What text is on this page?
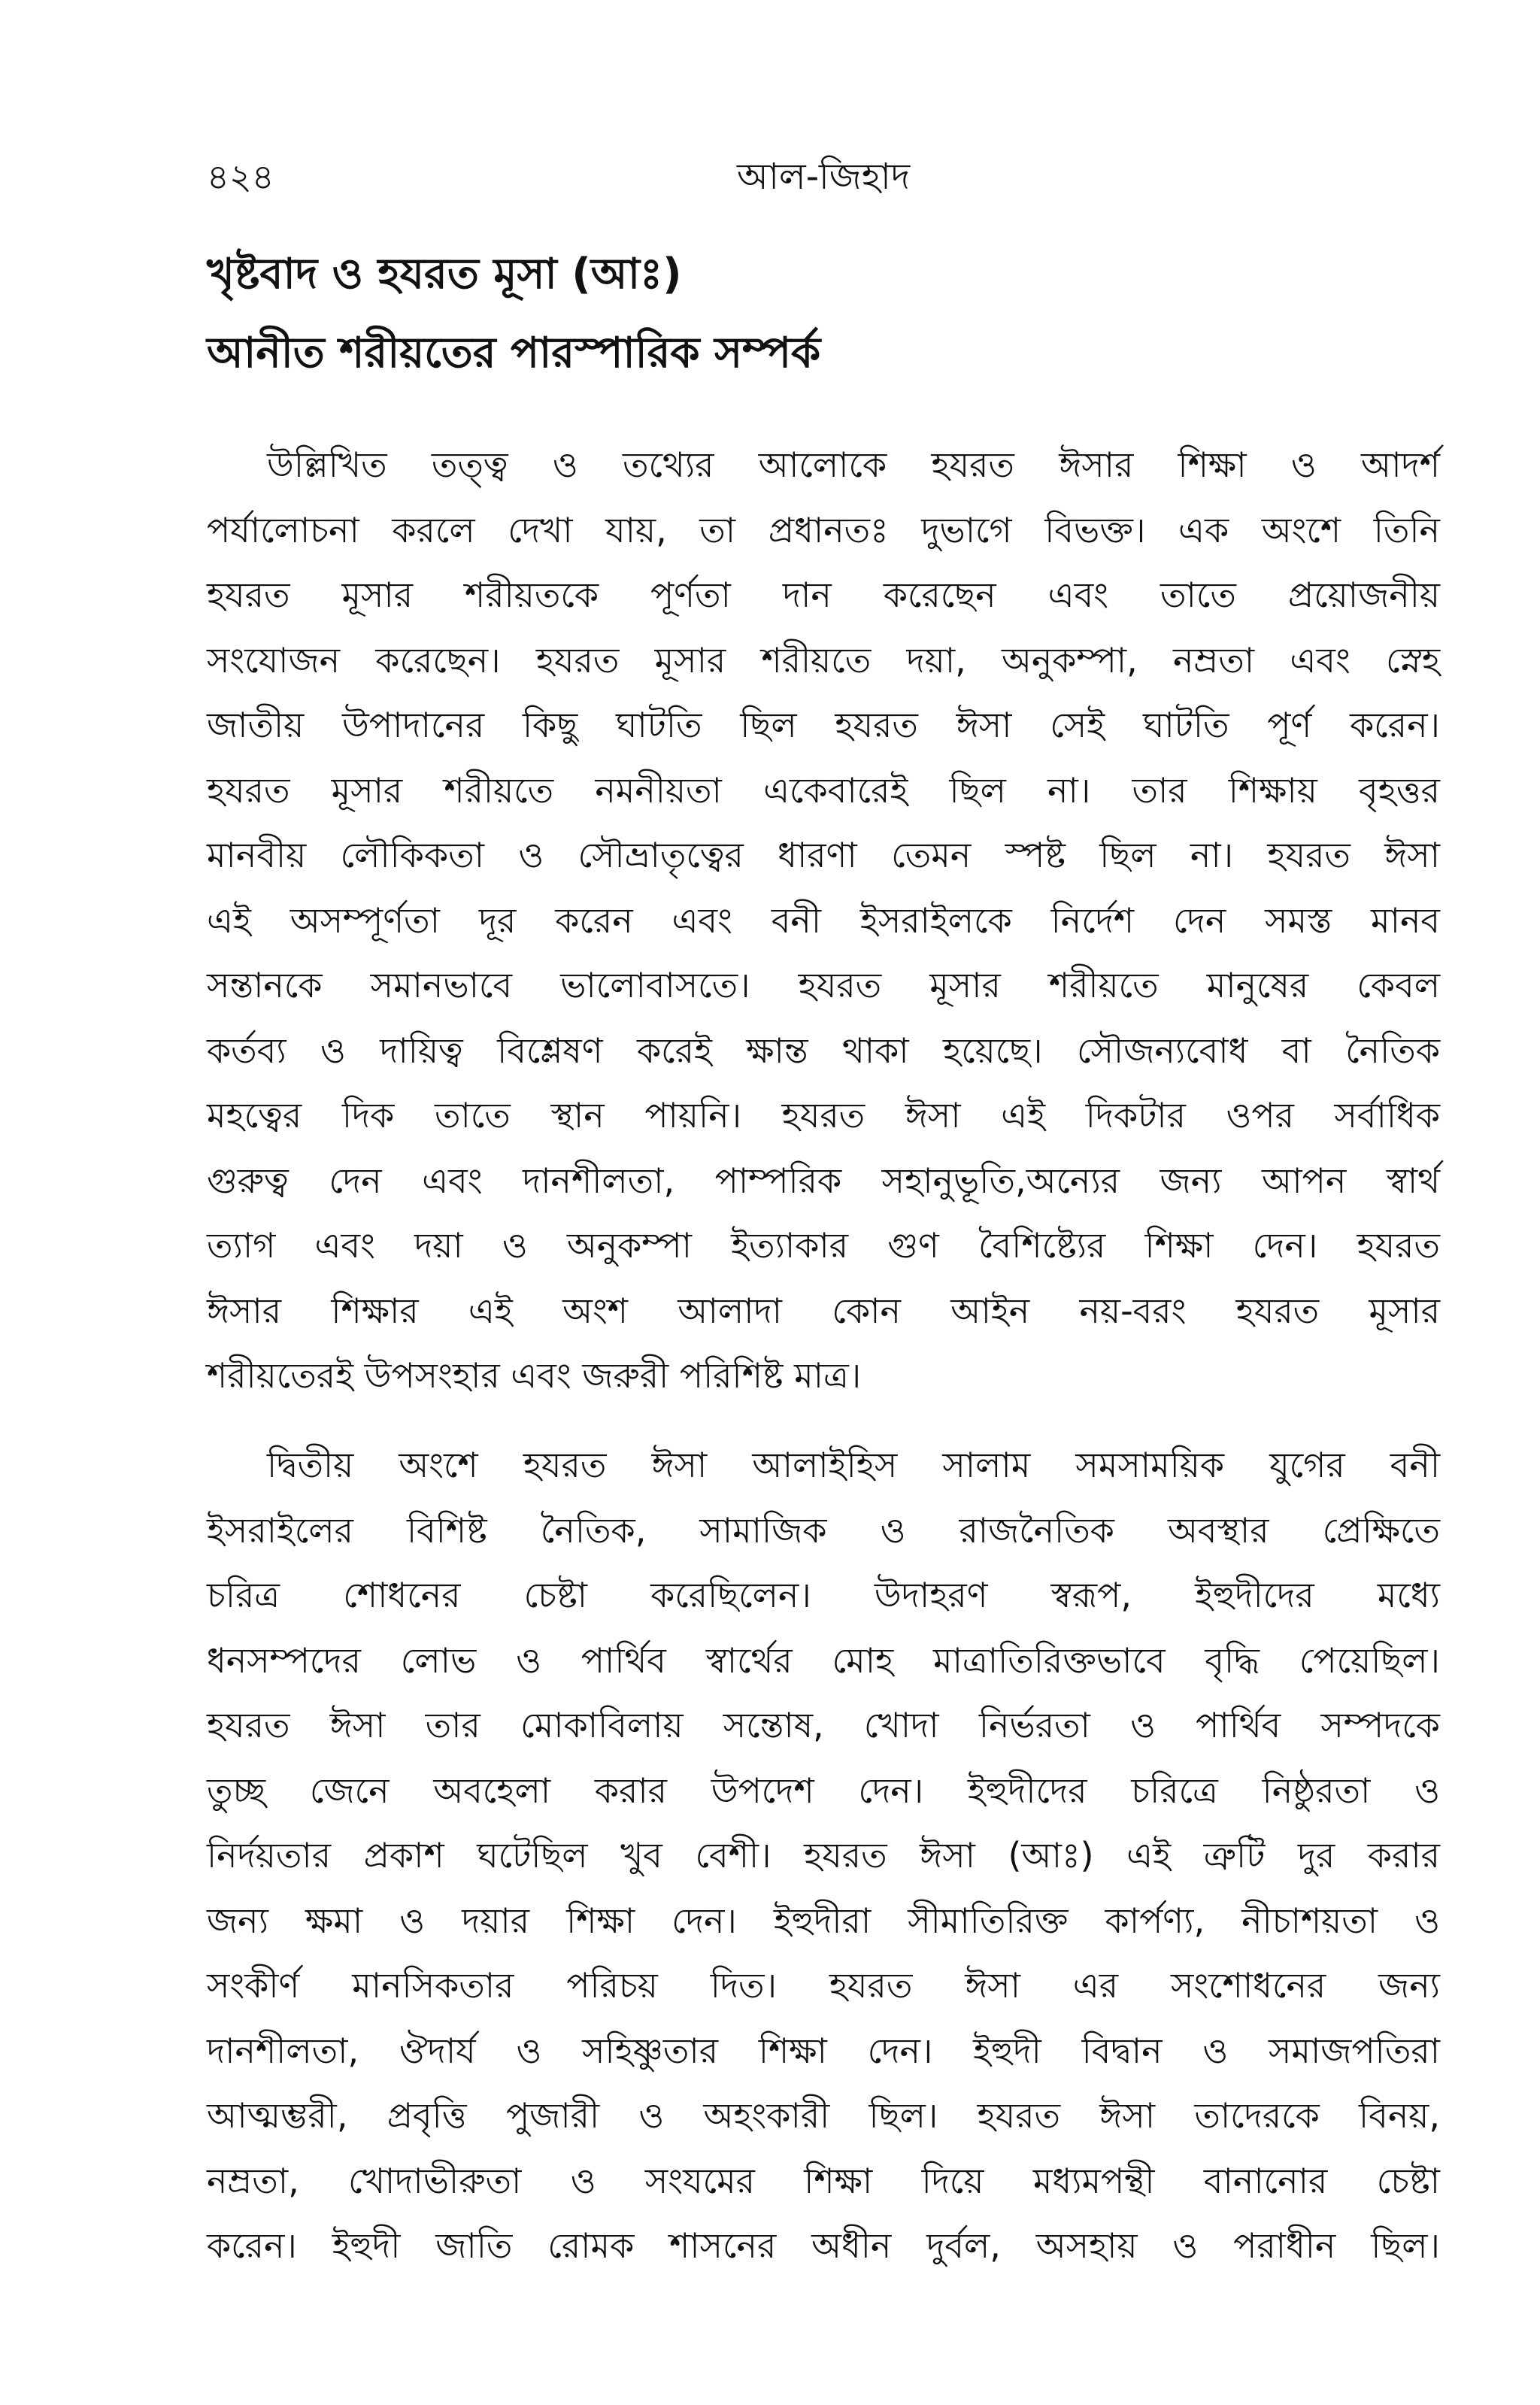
৪২৪	আল-জিহাদ
খৃষ্টবাদ ও হযরত মূসা (আঃ)
আনীত শরীয়তের পারস্পারিক সম্পর্ক
উল্লিখিত তত্ত্ব ও তথ্যের আলোকে হযরত ঈসার শিক্ষা ও আদর্শ
পর্যালোচনা করলে দেখা যায়, তা প্রধানতঃ দুভাগে বিভক্ত। এক অংশে তিনি
হযরত মূসার শরীয়তকে পূর্ণতা দান করেছেন এবং তাতে প্রয়োজনীয়
সংযোজন করেছেন। হযরত মূসার শরীয়তে দয়া, অনুকম্পা, নম্রতা এবং স্নেহ
জাতীয় উপাদানের কিছু ঘাটতি ছিল হযরত ঈসা সেই ঘাটতি পূর্ণ করেন।
হযরত মূসার শরীয়তে নমনীয়তা একেবারেই ছিল না। তার শিক্ষায় বৃহত্তর
মানবীয় লৌকিকতা ও সৌভ্রাতৃত্বের ধারণা তেমন স্পষ্ট ছিল না। হযরত ঈসা
এই অসম্পূর্ণতা দূর করেন এবং বনী ইসরাইলকে নির্দেশ দেন সমস্ত মানব
সন্তানকে সমানভাবে ভালোবাসতে। হযরত মূসার শরীয়তে মানুষের কেবল
কর্তব্য ও দায়িত্ব বিশ্লেষণ করেই ক্ষান্ত থাকা হয়েছে। সৌজন্যবোধ বা নৈতিক
মহত্বের দিক তাতে স্থান পায়নি। হযরত ঈসা এই দিকটার ওপর সর্বাধিক
গুরুত্ব দেন এবং দানশীলতা, পাম্পরিক সহানুভূতি,অন্যের জন্য আপন স্বার্থ
ত্যাগ এবং দয়া ও অনুকম্পা ইত্যাকার গুণ বৈশিষ্ট্যের শিক্ষা দেন। হযরত
ঈসার শিক্ষার এই অংশ আলাদা কোন আইন নয়-বরং হযরত মূসার
শরীয়তেরই উপসংহার এবং জরুরী পরিশিষ্ট মাত্র।
দ্বিতীয় অংশে হযরত ঈসা আলাইহিস সালাম সমসাময়িক যুগের বনী
ইসরাইলের বিশিষ্ট নৈতিক, সামাজিক ও রাজনৈতিক অবস্থার প্রেক্ষিতে
চরিত্র শোধনের চেষ্টা করেছিলেন। উদাহরণ স্বরূপ, ইহুদীদের মধ্যে
ধনসম্পদের লোভ ও পার্থিব স্বার্থের মোহ মাত্রাতিরিক্তভাবে বৃদ্ধি পেয়েছিল।
হযরত ঈসা তার মোকাবিলায় সন্তোষ, খোদা নির্ভরতা ও পার্থিব সম্পদকে
তুচ্ছ জেনে অবহেলা করার উপদেশ দেন। ইহুদীদের চরিত্রে নিষ্ঠুরতা ও
নির্দয়তার প্রকাশ ঘটেছিল খুব বেশী। হযরত ঈসা (আঃ) এই ত্রুটি দুর করার
জন্য ক্ষমা ও দয়ার শিক্ষা দেন। ইহুদীরা সীমাতিরিক্ত কার্পণ্য, নীচাশয়তা ও
সংকীর্ণ মানসিকতার পরিচয় দিত। হযরত ঈসা এর সংশোধনের জন্য
দানশীলতা, ঔদার্য ও সহিষ্ণুতার শিক্ষা দেন। ইহুদী বিদ্বান ও সমাজপতিরা
আত্মম্ভরী, প্রবৃত্তি পুজারী ও অহংকারী ছিল। হযরত ঈসা তাদেরকে বিনয়,
নম্রতা, খোদাভীরুতা ও সংযমের শিক্ষা দিয়ে মধ্যমপন্থী বানানোর চেষ্টা
করেন। ইহুদী জাতি রোমক শাসনের অধীন দুর্বল, অসহায় ও পরাধীন ছিল।
